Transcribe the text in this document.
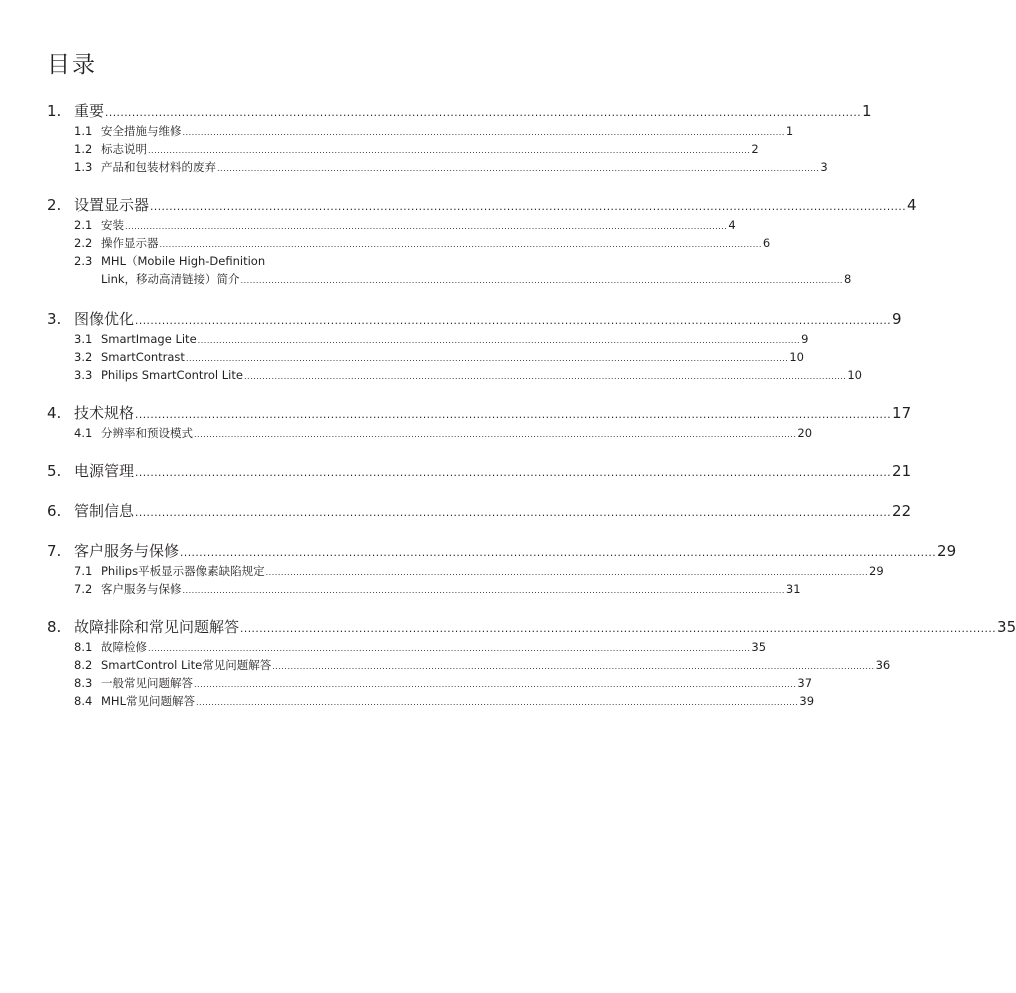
目录
1. 重要 .....	1
1.1 安全措施与维修 .....	1
1.2 标志说明 .....	2
1.3 产品和包装材料的废弃 .....	3
2. 设置显示器 .....	4
2.1 安装 .....	4
2.2 操作显示器 .....	6
2.3 MHL（Mobile High-Definition
Link，移动高清链接）简介 .....	8
3. 图像优化 .....	9
3.1 SmartImage Lite .....	9
3.2 SmartContrast .....	10
3.3 Philips SmartControl Lite .....	10
4. 技术规格 .....	17
4.1 分辨率和预设模式 .....	20
5. 电源管理 .....	21
6. 管制信息 .....	22
7. 客户服务与保修 .....	29
7.1 Philips平板显示器像素缺陷规定 .....	29
7.2 客户服务与保修 .....	31
8. 故障排除和常见问题解答 .....	35
8.1 故障检修 .....	35
8.2 SmartControl Lite常见问题解答 .....	36
8.3 一般常见问题解答 .....	37
8.4 MHL常见问题解答 .....	39
